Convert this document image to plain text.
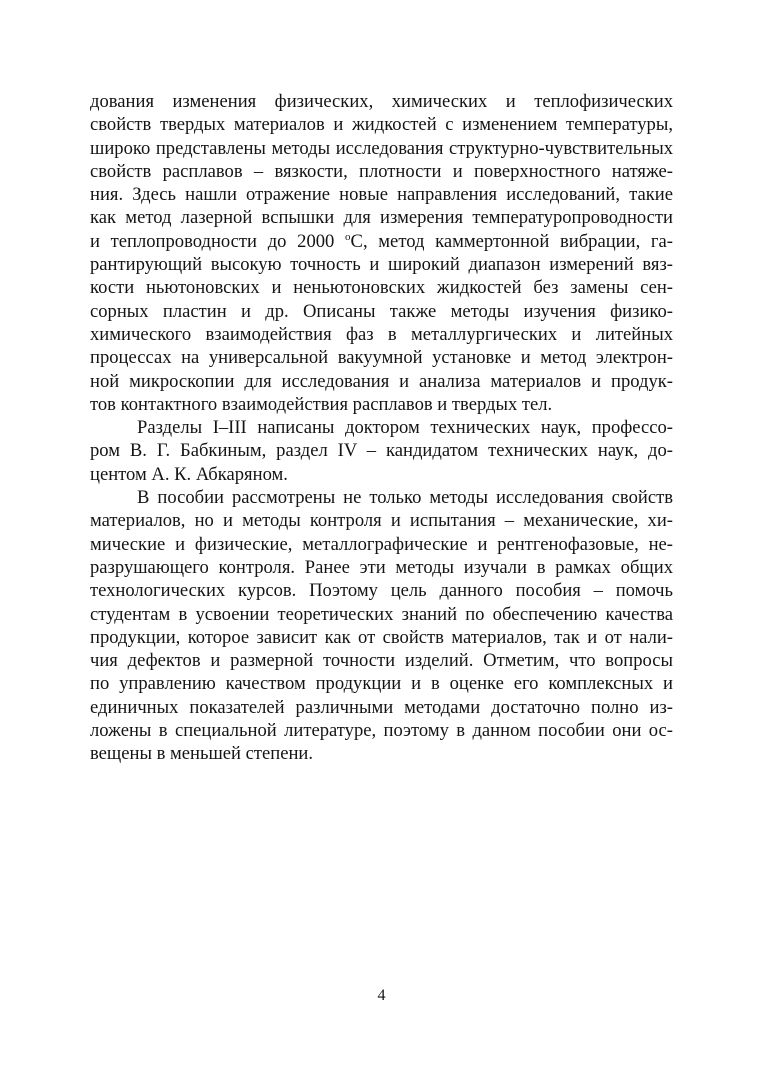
дования изменения физических, химических и теплофизических
свойств твердых материалов и жидкостей с изменением температуры,
широко представлены методы исследования структурно-чувствительных
свойств расплавов – вязкости, плотности и поверхностного натяже-
ния. Здесь нашли отражение новые направления исследований, такие
как метод лазерной вспышки для измерения температуропроводности
и теплопроводности до 2000 $^o$С, метод каммертонной вибрации, га-
рантирующий высокую точность и широкий диапазон измерений вяз-
кости ньютоновских и неньютоновских жидкостей без замены сен-
сорных пластин и др. Описаны также методы изучения физико-
химического взаимодействия фаз в металлургических и литейных
процессах на универсальной вакуумной установке и метод электрон-
ной микроскопии для исследования и анализа материалов и продук-
тов контактного взаимодействия расплавов и твердых тел.
Разделы I–III написаны доктором технических наук, профессо-
ром В. Г. Бабкиным, раздел IV – кандидатом технических наук, до-
центом А. К. Абкаряном.
В пособии рассмотрены не только методы исследования свойств
материалов, но и методы контроля и испытания – механические, хи-
мические и физические, металлографические и рентгенофазовые, не-
разрушающего контроля. Ранее эти методы изучали в рамках общих
технологических курсов. Поэтому цель данного пособия – помочь
студентам в усвоении теоретических знаний по обеспечению качества
продукции, которое зависит как от свойств материалов, так и от нали-
чия дефектов и размерной точности изделий. Отметим, что вопросы
по управлению качеством продукции и в оценке его комплексных и
единичных показателей различными методами достаточно полно из-
ложены в специальной литературе, поэтому в данном пособии они ос-
вещены в меньшей степени.
4
